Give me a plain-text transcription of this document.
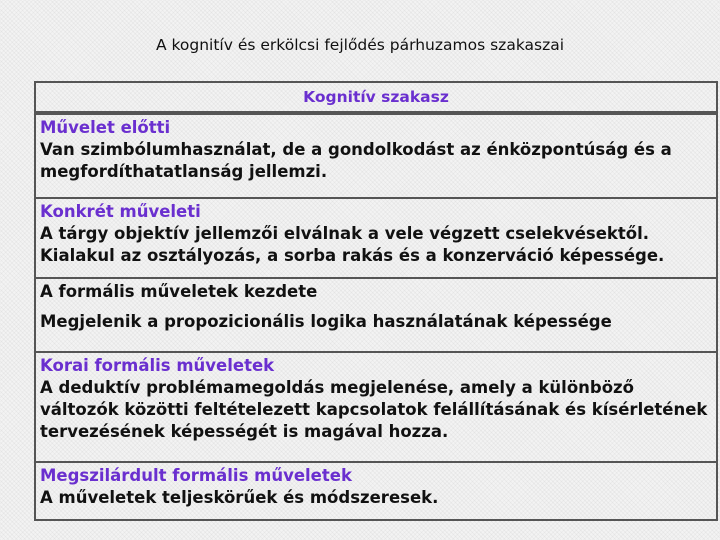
A kognitív és erkölcsi fejlődés párhuzamos szakaszai
Kognitív szakasz
Művelet előtti
Van szimbólumhasználat, de a gondolkodást az énközpontúság és a megfordíthatatlanság jellemzi.
Konkrét műveleti
A tárgy objektív jellemzői elválnak a vele végzett cselekvésektől. Kialakul az osztályozás, a sorba rakás és a konzerváció képessége.
A formális műveletek kezdete
Megjelenik a propozicionális logika használatának képessége
Korai formális műveletek
A deduktív problémamegoldás megjelenése, amely a különböző változók közötti feltételezett kapcsolatok felállításának és kísérletének tervezésének képességét is magával hozza.
Megszilárdult formális műveletek
A műveletek teljeskörűek és módszeresek.
